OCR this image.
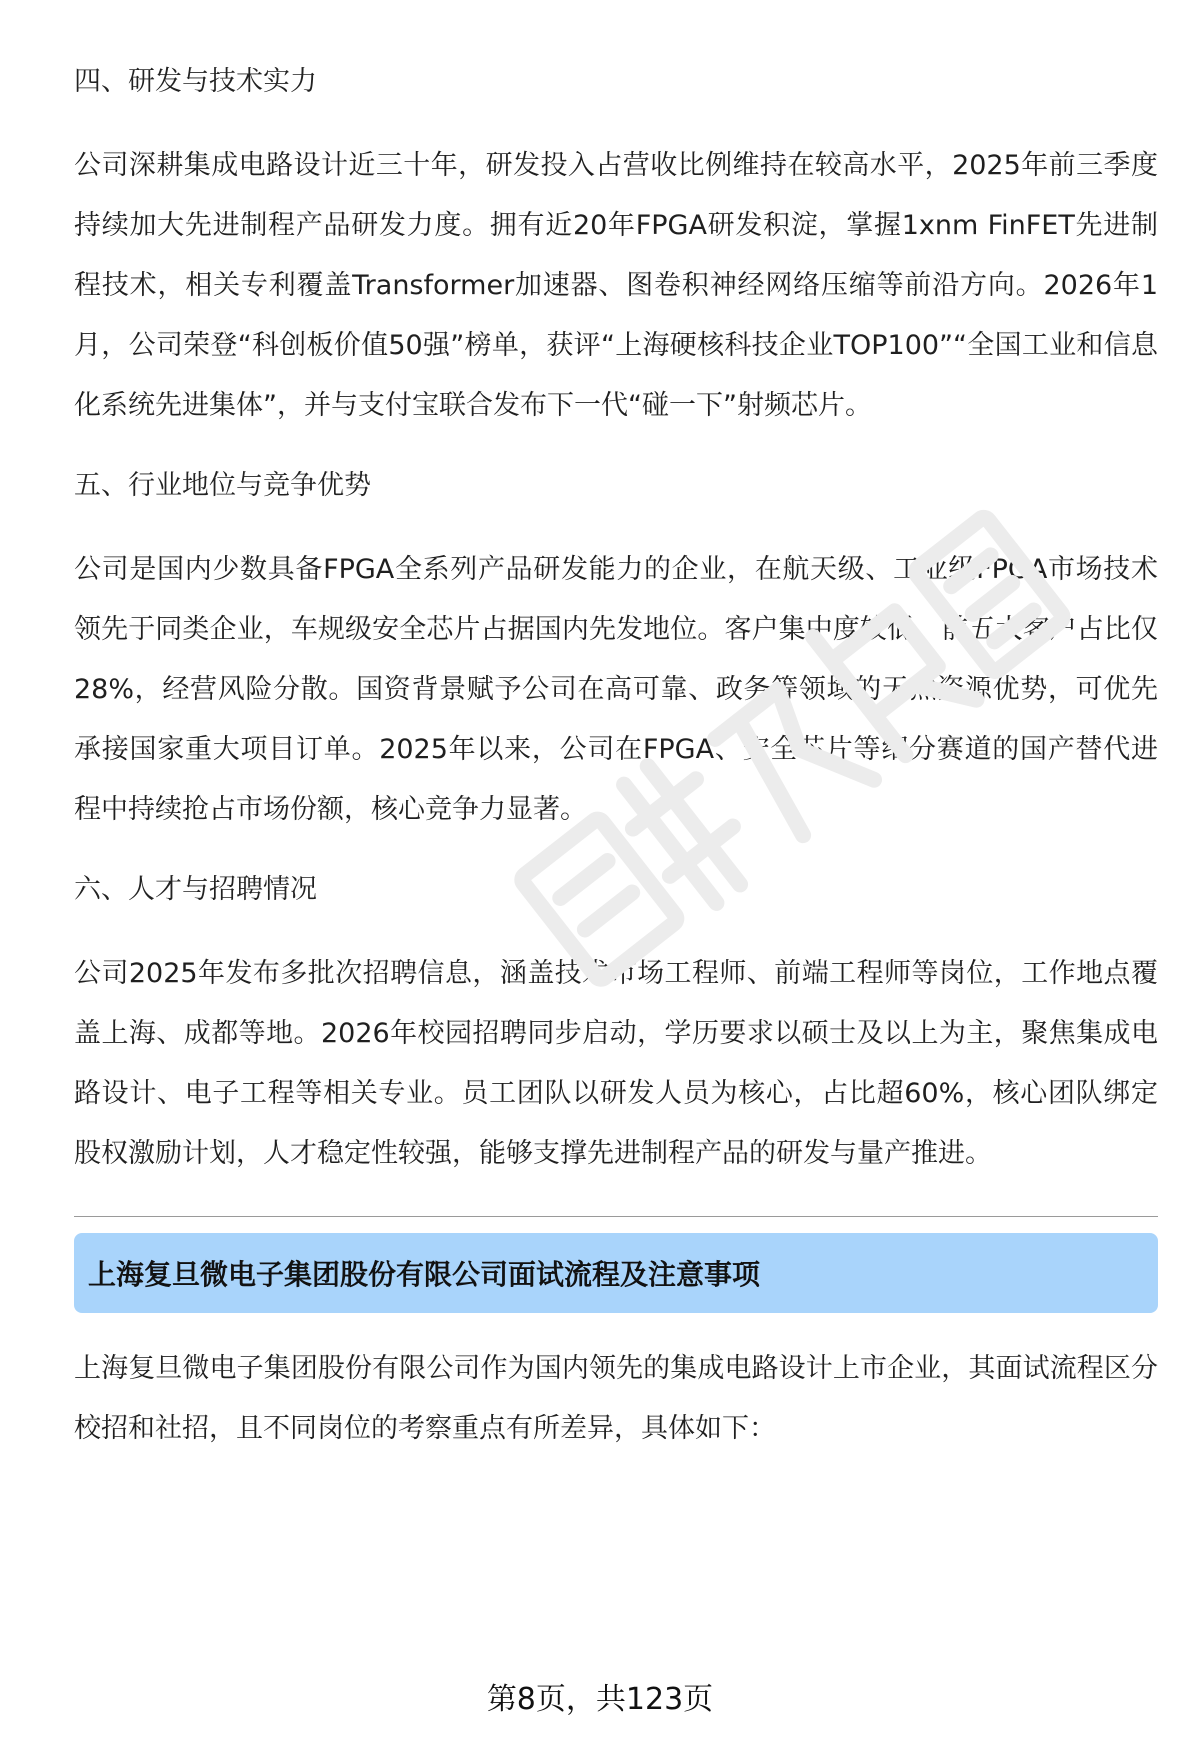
四、研发与技术实力

公司深耕集成电路设计近三十年，研发投入占营收比例维持在较高水平，2025年前三季度持续加大先进制程产品研发力度。拥有近20年FPGA研发积淀，掌握1xnm FinFET先进制程技术，相关专利覆盖Transformer加速器、图卷积神经网络压缩等前沿方向。2026年1月，公司荣登“科创板价值50强”榜单，获评“上海硬核科技企业TOP100”“全国工业和信息化系统先进集体”，并与支付宝联合发布下一代“碰一下”射频芯片。

五、行业地位与竞争优势

公司是国内少数具备FPGA全系列产品研发能力的企业，在航天级、工业级FPGA市场技术领先于同类企业，车规级安全芯片占据国内先发地位。客户集中度较低，前五大客户占比仅28%，经营风险分散。国资背景赋予公司在高可靠、政务等领域的天然资源优势，可优先承接国家重大项目订单。2025年以来，公司在FPGA、安全芯片等细分赛道的国产替代进程中持续抢占市场份额，核心竞争力显著。

六、人才与招聘情况

公司2025年发布多批次招聘信息，涵盖技术市场工程师、前端工程师等岗位，工作地点覆盖上海、成都等地。2026年校园招聘同步启动，学历要求以硕士及以上为主，聚焦集成电路设计、电子工程等相关专业。员工团队以研发人员为核心，占比超60%，核心团队绑定股权激励计划，人才稳定性较强，能够支撑先进制程产品的研发与量产推进。

上海复旦微电子集团股份有限公司面试流程及注意事项

上海复旦微电子集团股份有限公司作为国内领先的集成电路设计上市企业，其面试流程区分校招和社招，且不同岗位的考察重点有所差异，具体如下：

第8页，共123页
